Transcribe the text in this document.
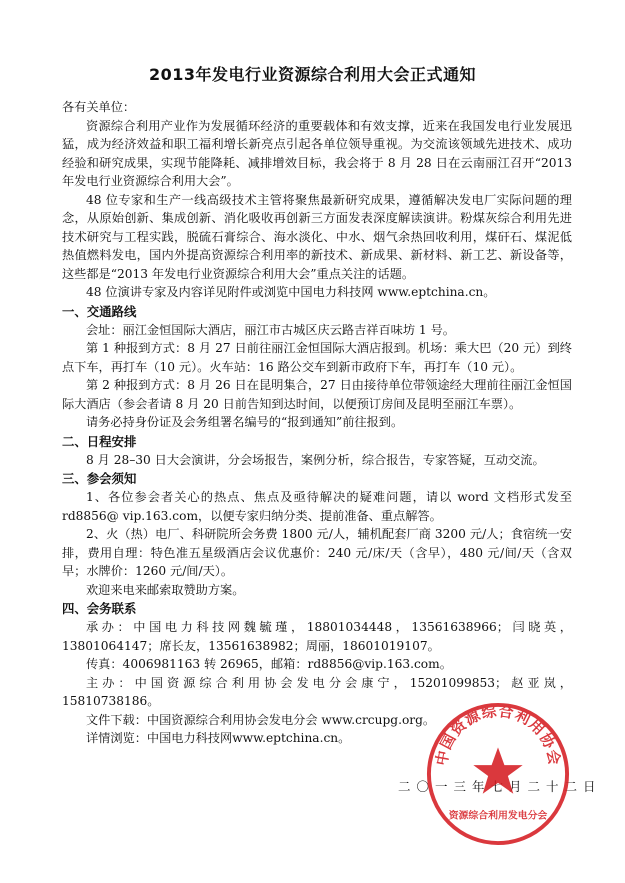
2013年发电行业资源综合利用大会正式通知

各有关单位：

资源综合利用产业作为发展循环经济的重要载体和有效支撑，近来在我国发电行业发展迅猛，成为经济效益和职工福利增长新亮点引起各单位领导重视。为交流该领域先进技术、成功经验和研究成果，实现节能降耗、减排增效目标，我会将于 8 月 28 日在云南丽江召开“2013 年发电行业资源综合利用大会”。

48 位专家和生产一线高级技术主管将聚焦最新研究成果，遵循解决发电厂实际问题的理念，从原始创新、集成创新、消化吸收再创新三方面发表深度解读演讲。粉煤灰综合利用先进技术研究与工程实践，脱硫石膏综合、海水淡化、中水、烟气余热回收利用，煤矸石、煤泥低热值燃料发电，国内外提高资源综合利用率的新技术、新成果、新材料、新工艺、新设备等，这些都是“2013 年发电行业资源综合利用大会”重点关注的话题。

48 位演讲专家及内容详见附件或浏览中国电力科技网 www.eptchina.cn。

一、交通路线

会址：丽江金恒国际大酒店，丽江市古城区庆云路吉祥百味坊 1 号。

第 1 种报到方式：8 月 27 日前往丽江金恒国际大酒店报到。机场：乘大巴（20 元）到终点下车，再打车（10 元）。火车站：16 路公交车到新市政府下车，再打车（10 元）。

第 2 种报到方式：8 月 26 日在昆明集合，27 日由接待单位带领途经大理前往丽江金恒国际大酒店（参会者请 8 月 20 日前告知到达时间，以便预订房间及昆明至丽江车票）。

请务必持身份证及会务组署名编号的“报到通知”前往报到。

二、日程安排

8 月 28–30 日大会演讲，分会场报告，案例分析，综合报告，专家答疑，互动交流。

三、参会须知

1、各位参会者关心的热点、焦点及亟待解决的疑难问题，请以 word 文档形式发至 rd8856@ vip.163.com，以便专家归纳分类、提前准备、重点解答。

2、火（热）电厂、科研院所会务费 1800 元/人，辅机配套厂商 3200 元/人；食宿统一安排，费用自理：特色准五星级酒店会议优惠价：240 元/床/天（含早），480 元/间/天（含双早；水牌价：1260 元/间/天）。

欢迎来电来邮索取赞助方案。

四、会务联系

承办：中国电力科技网魏毓瑾，18801034448，13561638966；闫晓英，13801064147；席长友，13561638982；周丽，18601019107。

传真：4006981163 转 26965，邮箱：rd8856@vip.163.com。

主办：中国资源综合利用协会发电分会康宁，15201099853；赵亚岚，15810738186。

文件下载：中国资源综合利用协会发电分会 www.crcupg.org。

详情浏览：中国电力科技网www.eptchina.cn。

二〇一三年七月二十二日
中国资源综合利用协会
资源综合利用发电分会
